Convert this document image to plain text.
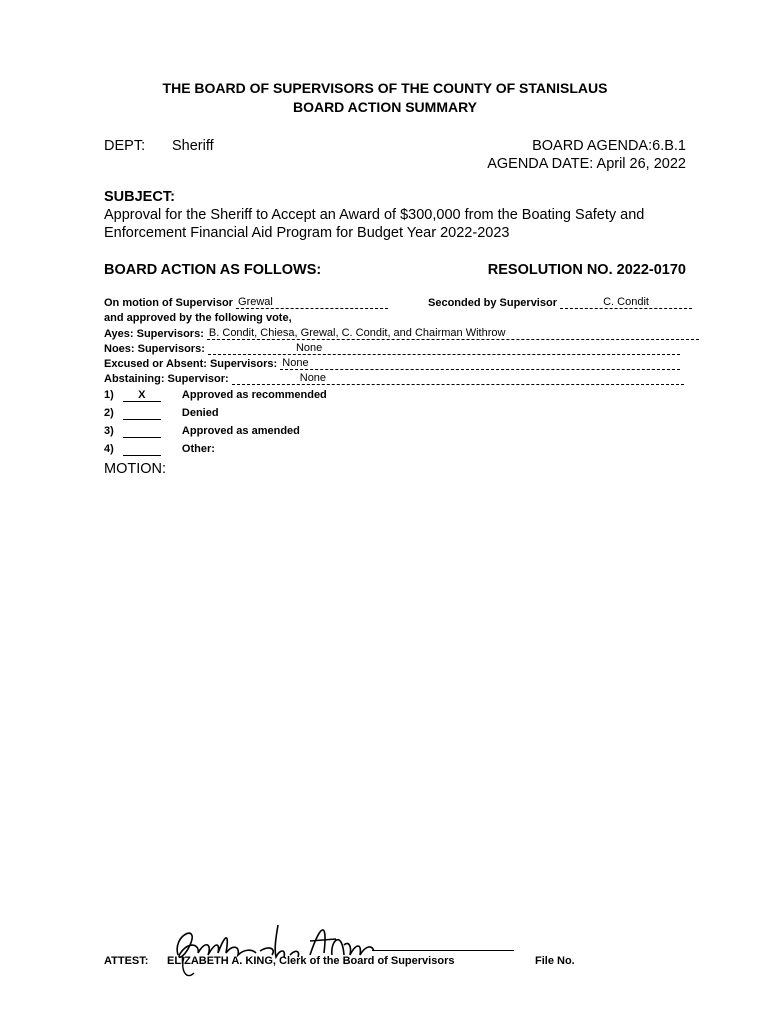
THE BOARD OF SUPERVISORS OF THE COUNTY OF STANISLAUS
BOARD ACTION SUMMARY
DEPT: Sheriff	BOARD AGENDA:6.B.1
AGENDA DATE: April 26, 2022
SUBJECT:
Approval for the Sheriff to Accept an Award of $300,000 from the Boating Safety and
Enforcement Financial Aid Program for Budget Year 2022-2023
BOARD ACTION AS FOLLOWS:	RESOLUTION NO. 2022-0170
On motion of Supervisor Grewal	Seconded by Supervisor	C. Condit
and approved by the following vote,
Ayes: Supervisors: B. Condit, Chiesa, Grewal, C. Condit, and Chairman Withrow
Noes: Supervisors:	None
Excused or Absent: Supervisors: None
Abstaining: Supervisor:	None
1) X	Approved as recommended
2)	Denied
3)	Approved as amended
4)	Other:
MOTION:
ATTEST: ELIZABETH A. KING, Clerk of the Board of Supervisors	File No.
